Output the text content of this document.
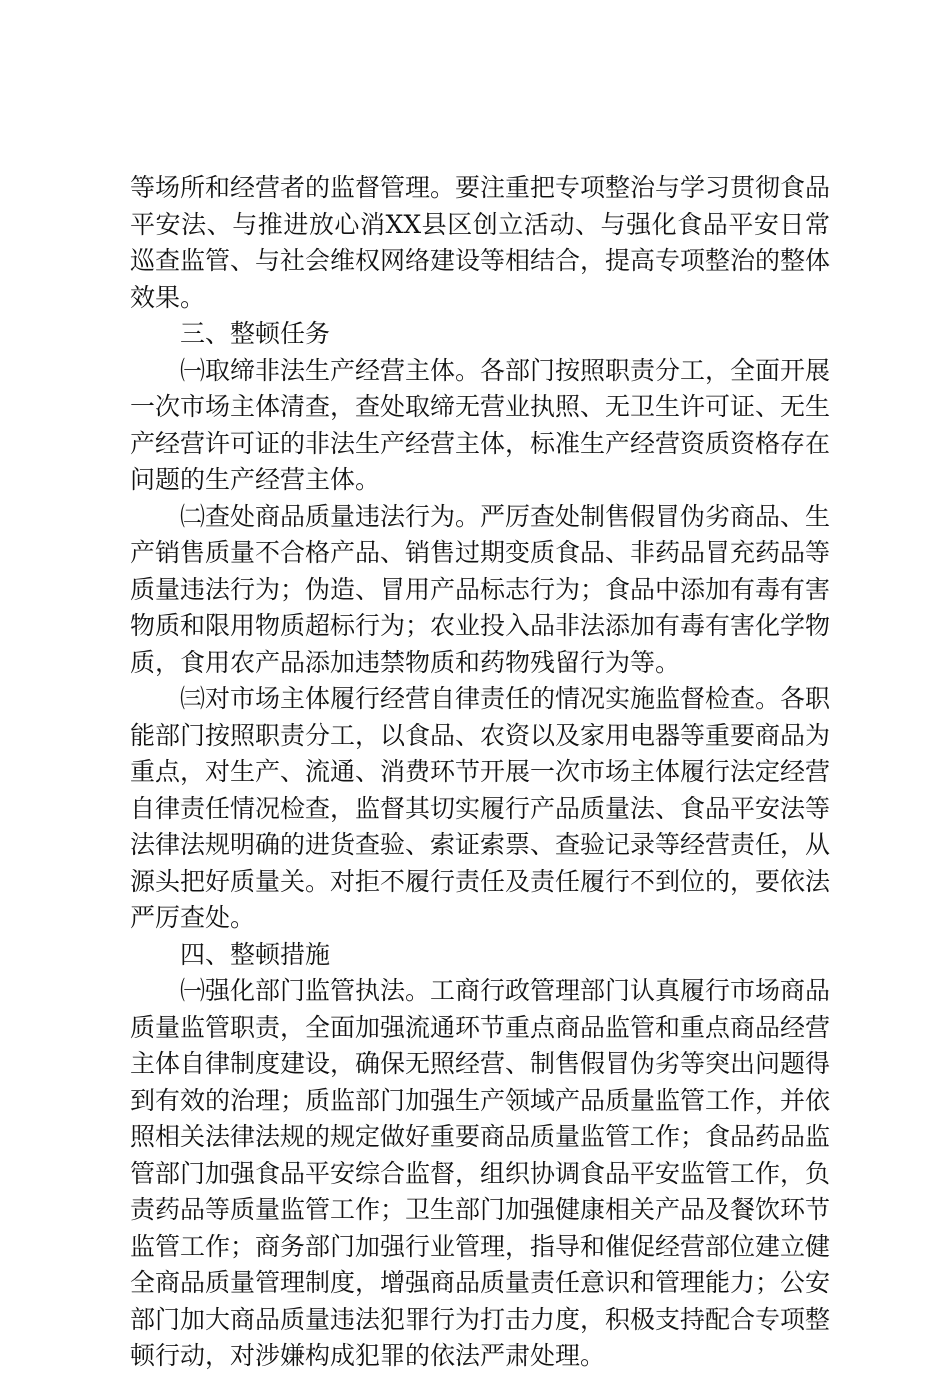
等场所和经营者的监督管理。要注重把专项整治与学习贯彻食品平安法、与推进放心消XX县区创立活动、与强化食品平安日常巡查监管、与社会维权网络建设等相结合，提高专项整治的整体效果。

三、整顿任务

㈠取缔非法生产经营主体。各部门按照职责分工，全面开展一次市场主体清查，查处取缔无营业执照、无卫生许可证、无生产经营许可证的非法生产经营主体，标准生产经营资质资格存在问题的生产经营主体。

㈡查处商品质量违法行为。严厉查处制售假冒伪劣商品、生产销售质量不合格产品、销售过期变质食品、非药品冒充药品等质量违法行为；伪造、冒用产品标志行为；食品中添加有毒有害物质和限用物质超标行为；农业投入品非法添加有毒有害化学物质，食用农产品添加违禁物质和药物残留行为等。

㈢对市场主体履行经营自律责任的情况实施监督检查。各职能部门按照职责分工，以食品、农资以及家用电器等重要商品为重点，对生产、流通、消费环节开展一次市场主体履行法定经营自律责任情况检查，监督其切实履行产品质量法、食品平安法等法律法规明确的进货查验、索证索票、查验记录等经营责任，从源头把好质量关。对拒不履行责任及责任履行不到位的，要依法严厉查处。

四、整顿措施

㈠强化部门监管执法。工商行政管理部门认真履行市场商品质量监管职责，全面加强流通环节重点商品监管和重点商品经营主体自律制度建设，确保无照经营、制售假冒伪劣等突出问题得到有效的治理；质监部门加强生产领域产品质量监管工作，并依照相关法律法规的规定做好重要商品质量监管工作；食品药品监管部门加强食品平安综合监督，组织协调食品平安监管工作，负责药品等质量监管工作；卫生部门加强健康相关产品及餐饮环节监管工作；商务部门加强行业管理，指导和催促经营部位建立健全商品质量管理制度，增强商品质量责任意识和管理能力；公安部门加大商品质量违法犯罪行为打击力度，积极支持配合专项整顿行动，对涉嫌构成犯罪的依法严肃处理。
